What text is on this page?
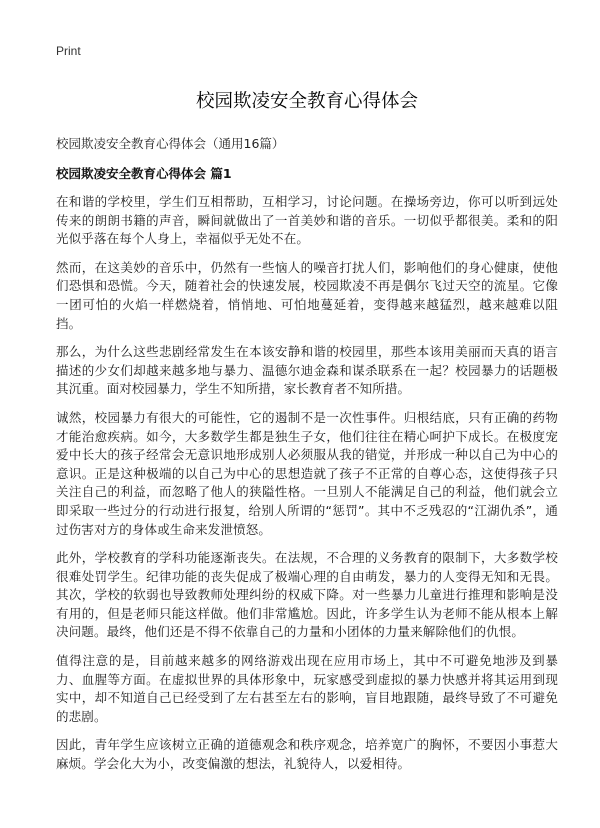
Print

校园欺凌安全教育心得体会

校园欺凌安全教育心得体会（通用16篇）

校园欺凌安全教育心得体会 篇1

在和谐的学校里，学生们互相帮助，互相学习，讨论问题。在操场旁边，你可以听到远处传来的朗朗书籍的声音，瞬间就做出了一首美妙和谐的音乐。一切似乎都很美。柔和的阳光似乎落在每个人身上，幸福似乎无处不在。

然而，在这美妙的音乐中，仍然有一些恼人的噪音打扰人们，影响他们的身心健康，使他们恐惧和恐慌。今天，随着社会的快速发展，校园欺凌不再是偶尔飞过天空的流星。它像一团可怕的火焰一样燃烧着，悄悄地、可怕地蔓延着，变得越来越猛烈，越来越难以阻挡。

那么，为什么这些悲剧经常发生在本该安静和谐的校园里，那些本该用美丽而天真的语言描述的少女们却越来越多地与暴力、温德尔迪金森和谋杀联系在一起？校园暴力的话题极其沉重。面对校园暴力，学生不知所措，家长教育者不知所措。

诚然，校园暴力有很大的可能性，它的遏制不是一次性事件。归根结底，只有正确的药物才能治愈疾病。如今，大多数学生都是独生子女，他们往往在精心呵护下成长。在极度宠爱中长大的孩子经常会无意识地形成别人必须服从我的错觉，并形成一种以自己为中心的意识。正是这种极端的以自己为中心的思想造就了孩子不正常的自尊心态，这使得孩子只关注自己的利益，而忽略了他人的狭隘性格。一旦别人不能满足自己的利益，他们就会立即采取一些过分的行动进行报复，给别人所谓的“惩罚”。其中不乏残忍的“江湖仇杀”，通过伤害对方的身体或生命来发泄愤怒。

此外，学校教育的学科功能逐渐丧失。在法规，不合理的义务教育的限制下，大多数学校很难处罚学生。纪律功能的丧失促成了极端心理的自由萌发，暴力的人变得无知和无畏。其次，学校的软弱也导致教师处理纠纷的权威下降。对一些暴力儿童进行推理和影响是没有用的，但是老师只能这样做。他们非常尴尬。因此，许多学生认为老师不能从根本上解决问题。最终，他们还是不得不依靠自己的力量和小团体的力量来解除他们的仇恨。

值得注意的是，目前越来越多的网络游戏出现在应用市场上，其中不可避免地涉及到暴力、血腥等方面。在虚拟世界的具体形象中，玩家感受到虚拟的暴力快感并将其运用到现实中，却不知道自己已经受到了左右甚至左右的影响，盲目地跟随，最终导致了不可避免的悲剧。

因此，青年学生应该树立正确的道德观念和秩序观念，培养宽广的胸怀，不要因小事惹大麻烦。学会化大为小，改变偏激的想法，礼貌待人，以爱相待。
